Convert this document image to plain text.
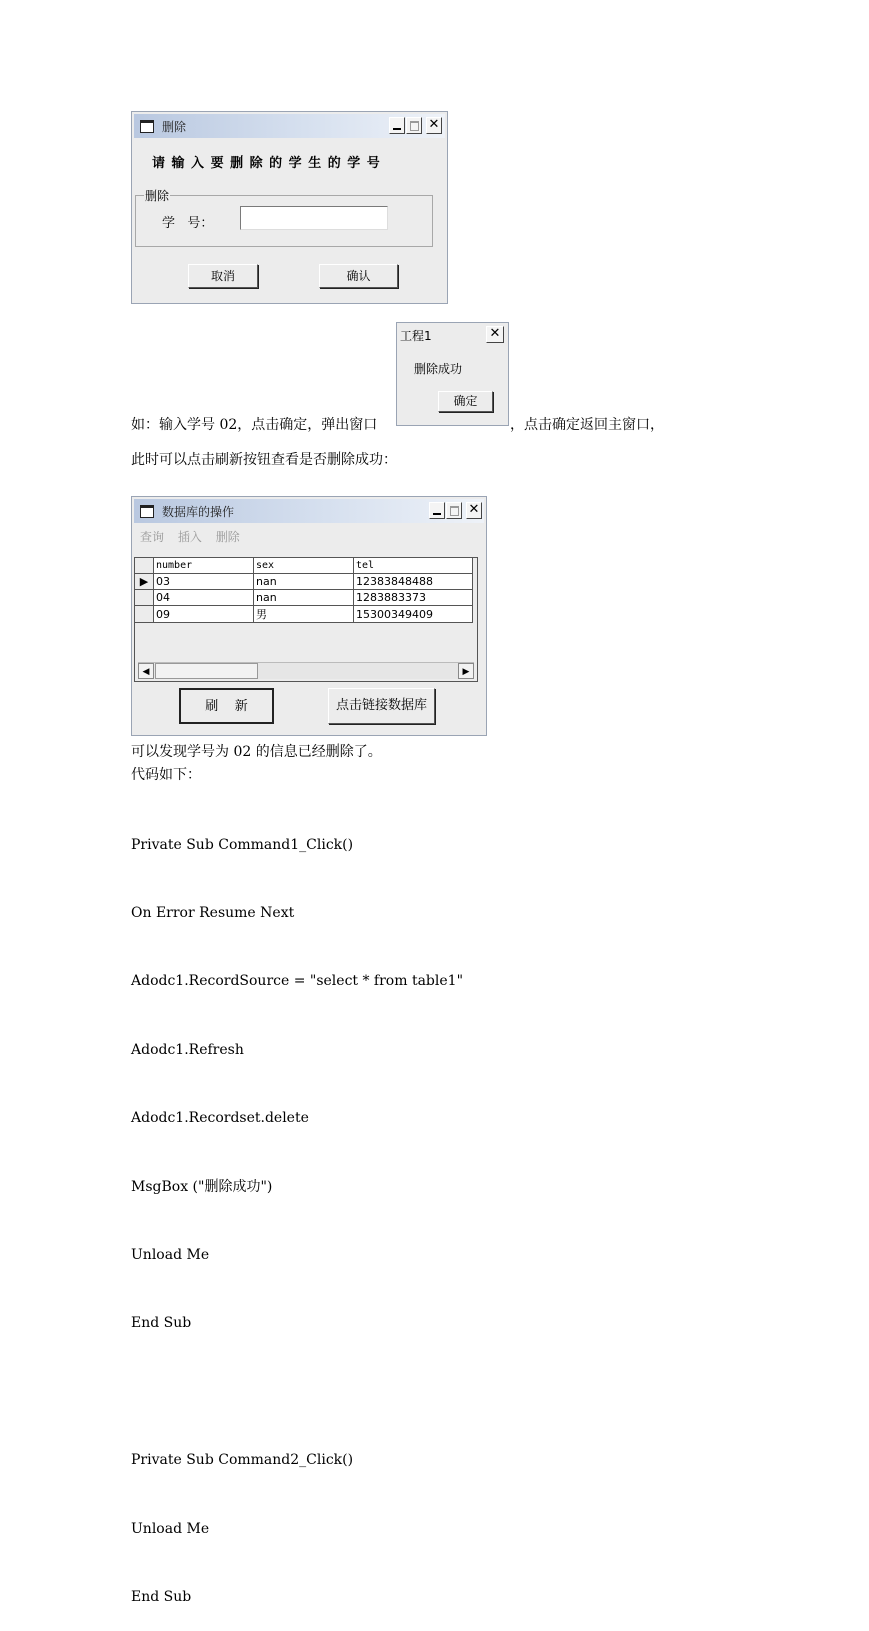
删除	✕
请 输 入 要 删 除 的 学 生 的 学 号
删除
学   号：
取消	确认
工程1	✕
删除成功
确定
如：输入学号 02，点击确定，弹出窗口	，点击确定返回主窗口，
此时可以点击刷新按钮查看是否删除成功：
数据库的操作	✕
查询 插入 删除
	number	sex	tel
▶	03	nan	12383848488
	04	nan	1283883373
	09	男	15300349409
◀	▶
刷    新	点击链接数据库
可以发现学号为 02 的信息已经删除了。
代码如下：

Private Sub Command1_Click()

On Error Resume Next

Adodc1.RecordSource = "select * from table1"

Adodc1.Refresh

Adodc1.Recordset.delete

MsgBox ("删除成功")

Unload Me

End Sub

Private Sub Command2_Click()

Unload Me

End Sub
